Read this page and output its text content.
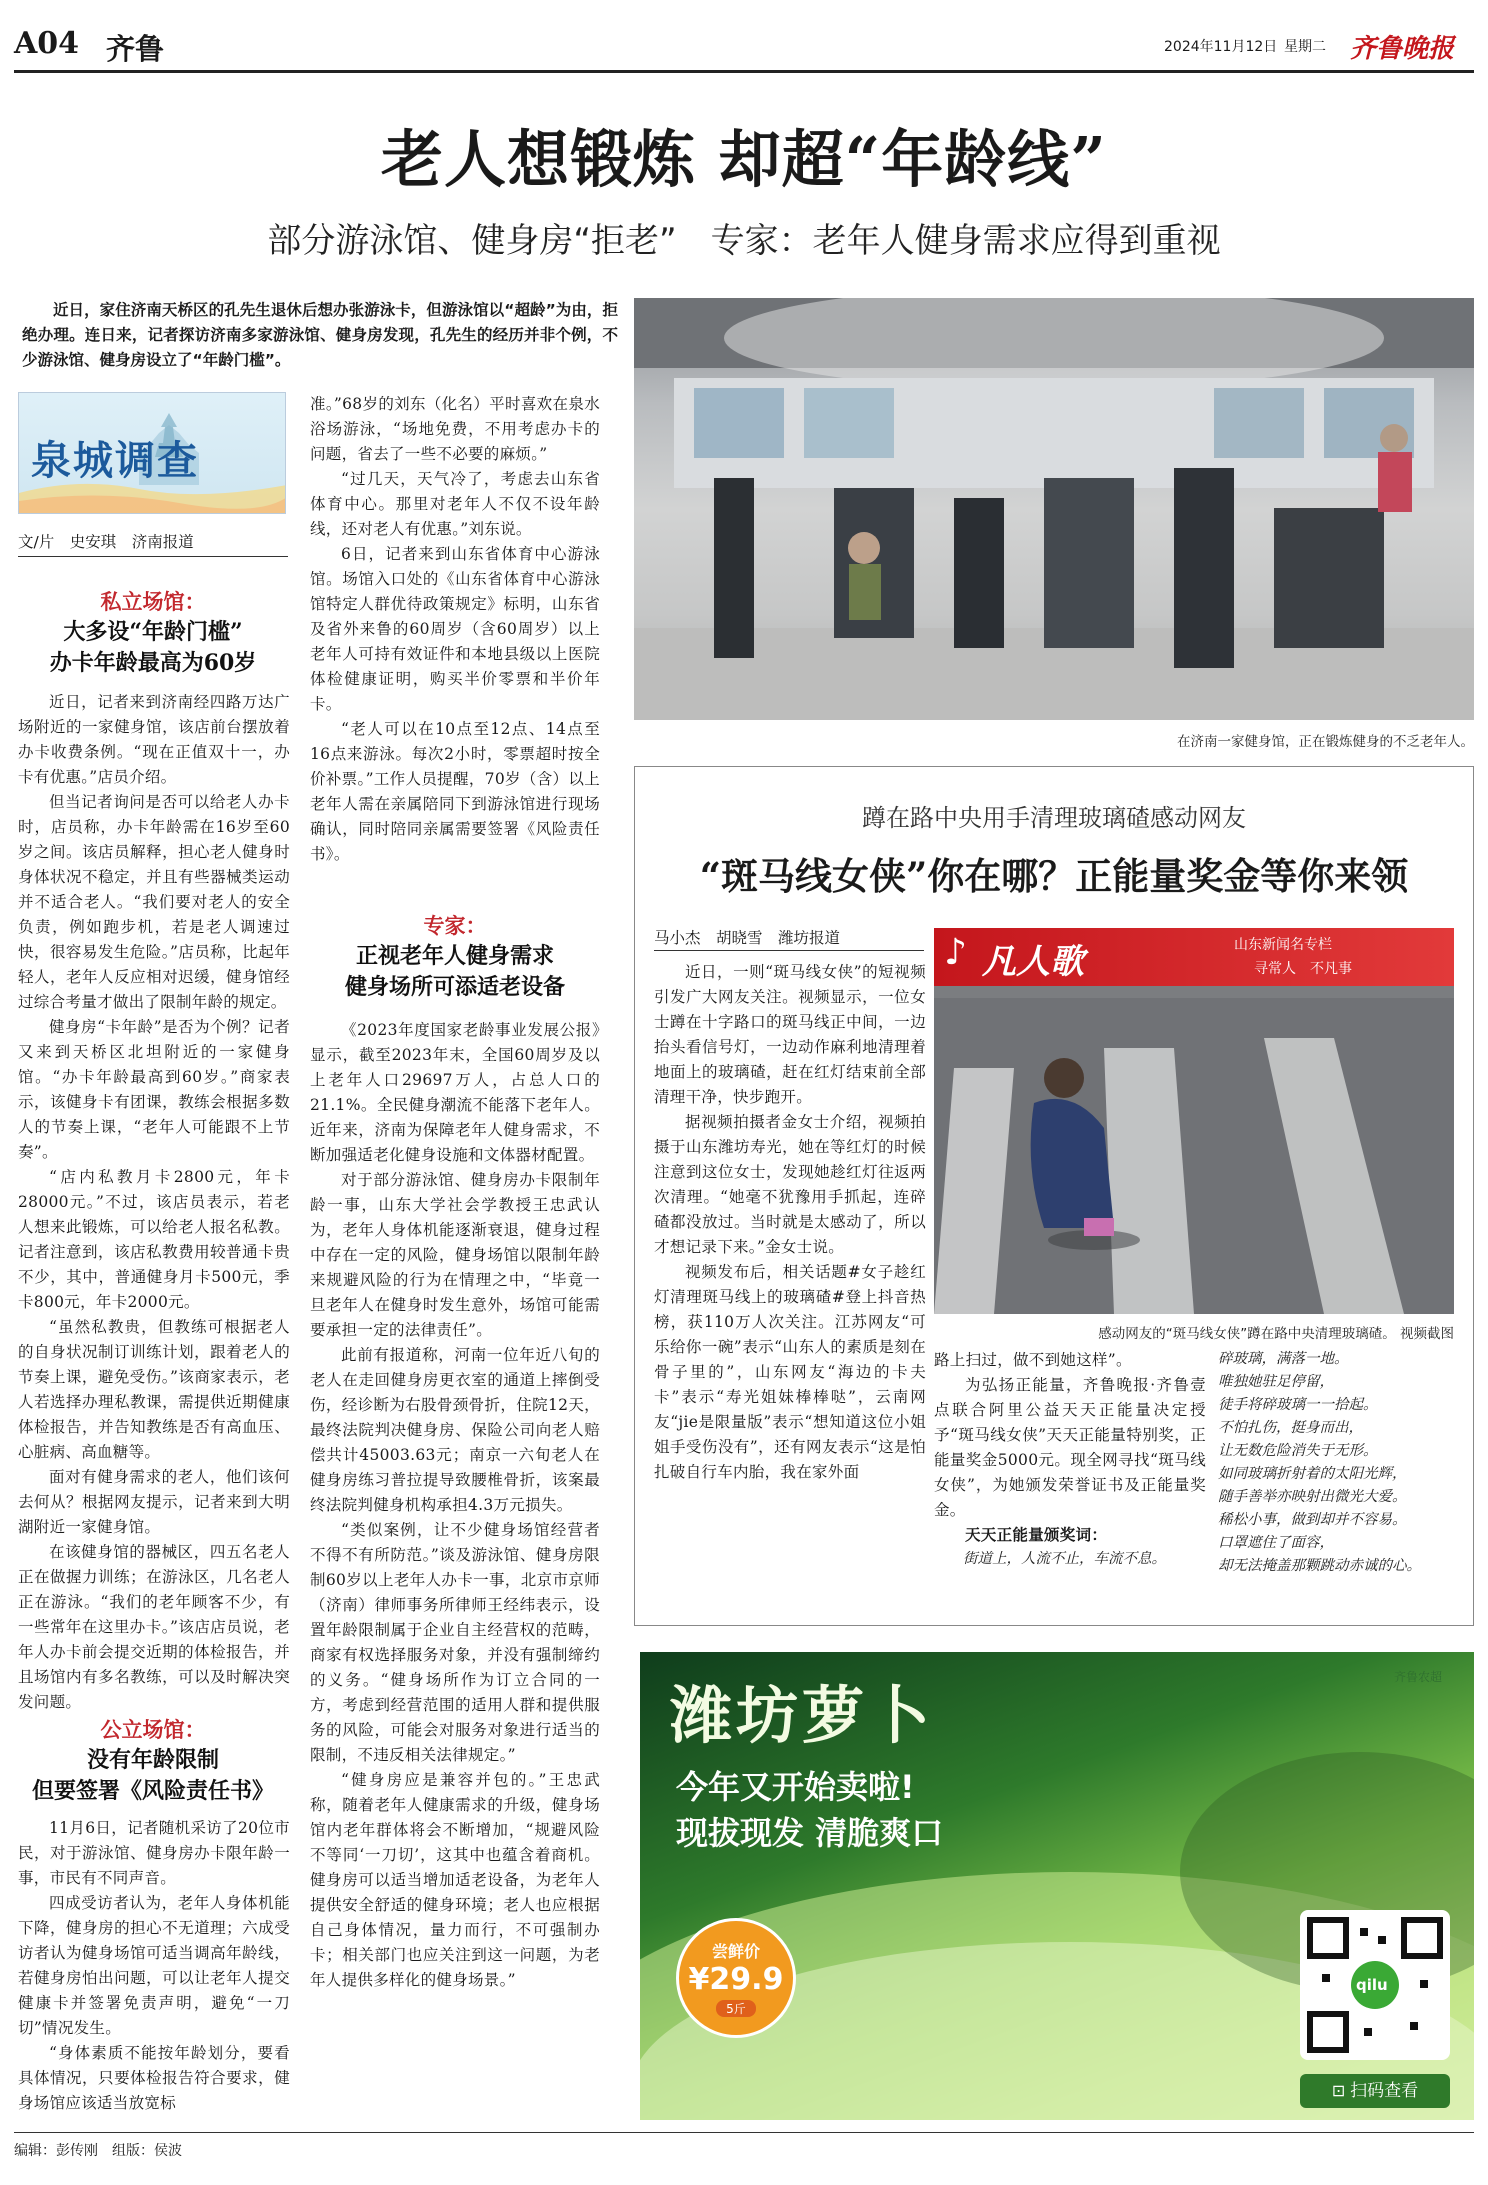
A04 齐鲁	2024年11月12日 星期二 齐鲁晚报
老人想锻炼 却超“年龄线”
部分游泳馆、健身房“拒老”　专家：老年人健身需求应得到重视
近日，家住济南天桥区的孔先生退休后想办张游泳卡，但游泳馆以“超龄”为由，拒绝办理。连日来，记者探访济南多家游泳馆、健身房发现，孔先生的经历并非个例，不少游泳馆、健身房设立了“年龄门槛”。
泉城调查
文/片　史安琪　济南报道
私立场馆：
大多设“年龄门槛”
办卡年龄最高为60岁

近日，记者来到济南经四路万达广场附近的一家健身馆，该店前台摆放着办卡收费条例。“现在正值双十一，办卡有优惠。”店员介绍。

但当记者询问是否可以给老人办卡时，店员称，办卡年龄需在16岁至60岁之间。该店员解释，担心老人健身时身体状况不稳定，并且有些器械类运动并不适合老人。“我们要对老人的安全负责，例如跑步机，若是老人调速过快，很容易发生危险。”店员称，比起年轻人，老年人反应相对迟缓，健身馆经过综合考量才做出了限制年龄的规定。

健身房“卡年龄”是否为个例？记者又来到天桥区北坦附近的一家健身馆。“办卡年龄最高到60岁。”商家表示，该健身卡有团课，教练会根据多数人的节奏上课，“老年人可能跟不上节奏”。

“店内私教月卡2800元，年卡28000元。”不过，该店员表示，若老人想来此锻炼，可以给老人报名私教。记者注意到，该店私教费用较普通卡贵不少，其中，普通健身月卡500元，季卡800元，年卡2000元。

“虽然私教贵，但教练可根据老人的自身状况制订训练计划，跟着老人的节奏上课，避免受伤。”该商家表示，老人若选择办理私教课，需提供近期健康体检报告，并告知教练是否有高血压、心脏病、高血糖等。

面对有健身需求的老人，他们该何去何从？根据网友提示，记者来到大明湖附近一家健身馆。

在该健身馆的器械区，四五名老人正在做握力训练；在游泳区，几名老人正在游泳。“我们的老年顾客不少，有一些常年在这里办卡。”该店店员说，老年人办卡前会提交近期的体检报告，并且场馆内有多名教练，可以及时解决突发问题。

公立场馆：
没有年龄限制
但要签署《风险责任书》

11月6日，记者随机采访了20位市民，对于游泳馆、健身房办卡限年龄一事，市民有不同声音。

四成受访者认为，老年人身体机能下降，健身房的担心不无道理；六成受访者认为健身场馆可适当调高年龄线，若健身房怕出问题，可以让老年人提交健康卡并签署免责声明，避免“一刀切”情况发生。

“身体素质不能按年龄划分，要看具体情况，只要体检报告符合要求，健身场馆应该适当放宽标

准。”68岁的刘东（化名）平时喜欢在泉水浴场游泳，“场地免费，不用考虑办卡的问题，省去了一些不必要的麻烦。”

“过几天，天气冷了，考虑去山东省体育中心。那里对老年人不仅不设年龄线，还对老人有优惠。”刘东说。

6日，记者来到山东省体育中心游泳馆。场馆入口处的《山东省体育中心游泳馆特定人群优待政策规定》标明，山东省及省外来鲁的60周岁（含60周岁）以上老年人可持有效证件和本地县级以上医院体检健康证明，购买半价零票和半价年卡。

“老人可以在10点至12点、14点至16点来游泳。每次2小时，零票超时按全价补票。”工作人员提醒，70岁（含）以上老年人需在亲属陪同下到游泳馆进行现场确认，同时陪同亲属需要签署《风险责任书》。

专家：
正视老年人健身需求
健身场所可添适老设备

《2023年度国家老龄事业发展公报》显示，截至2023年末，全国60周岁及以上老年人口29697万人，占总人口的21.1%。全民健身潮流不能落下老年人。近年来，济南为保障老年人健身需求，不断加强适老化健身设施和文体器材配置。

对于部分游泳馆、健身房办卡限制年龄一事，山东大学社会学教授王忠武认为，老年人身体机能逐渐衰退，健身过程中存在一定的风险，健身场馆以限制年龄来规避风险的行为在情理之中，“毕竟一旦老年人在健身时发生意外，场馆可能需要承担一定的法律责任”。

此前有报道称，河南一位年近八旬的老人在走回健身房更衣室的通道上摔倒受伤，经诊断为右股骨颈骨折，住院12天，最终法院判决健身房、保险公司向老人赔偿共计45003.63元；南京一六旬老人在健身房练习普拉提导致腰椎骨折，该案最终法院判健身机构承担4.3万元损失。

“类似案例，让不少健身场馆经营者不得不有所防范。”谈及游泳馆、健身房限制60岁以上老年人办卡一事，北京市京师（济南）律师事务所律师王经纬表示，设置年龄限制属于企业自主经营权的范畴，商家有权选择服务对象，并没有强制缔约的义务。“健身场所作为订立合同的一方，考虑到经营范围的适用人群和提供服务的风险，可能会对服务对象进行适当的限制，不违反相关法律规定。”

“健身房应是兼容并包的。”王忠武称，随着老年人健康需求的升级，健身场馆内老年群体将会不断增加，“规避风险不等同‘一刀切’，这其中也蕴含着商机。健身房可以适当增加适老设备，为老年人提供安全舒适的健身环境；老人也应根据自己身体情况，量力而行，不可强制办卡；相关部门也应关注到这一问题，为老年人提供多样化的健身场景。”

在济南一家健身馆，正在锻炼健身的不乏老年人。
蹲在路中央用手清理玻璃碴感动网友
“斑马线女侠”你在哪？正能量奖金等你来领
马小杰　胡晓雪　潍坊报道

近日，一则“斑马线女侠”的短视频引发广大网友关注。视频显示，一位女士蹲在十字路口的斑马线正中间，一边抬头看信号灯，一边动作麻利地清理着地面上的玻璃碴，赶在红灯结束前全部清理干净，快步跑开。

据视频拍摄者金女士介绍，视频拍摄于山东潍坊寿光，她在等红灯的时候注意到这位女士，发现她趁红灯往返两次清理。“她毫不犹豫用手抓起，连碎碴都没放过。当时就是太感动了，所以才想记录下来。”金女士说。

视频发布后，相关话题#女子趁红灯清理斑马线上的玻璃碴#登上抖音热榜，获110万人次关注。江苏网友“可乐给你一碗”表示“山东人的素质是刻在骨子里的”，山东网友“海边的卡夫卡”表示“寿光姐妹棒棒哒”，云南网友“jie是限量版”表示“想知道这位小姐姐手受伤没有”，还有网友表示“这是怕扎破自行车内胎，我在家外面

♪ 凡人歌	山东新闻名专栏
寻常人　不凡事
感动网友的“斑马线女侠”蹲在路中央清理玻璃碴。 视频截图

路上扫过，做不到她这样”。

为弘扬正能量，齐鲁晚报·齐鲁壹点联合阿里公益天天正能量决定授予“斑马线女侠”天天正能量特别奖，正能量奖金5000元。现全网寻找“斑马线女侠”，为她颁发荣誉证书及正能量奖金。

天天正能量颁奖词：

街道上，人流不止，车流不息。

碎玻璃，满落一地。

唯独她驻足停留，

徒手将碎玻璃一一拾起。

不怕扎伤，挺身而出，

让无数危险消失于无形。

如同玻璃折射着的太阳光辉，

随手善举亦映射出微光大爱。

稀松小事，做到却并不容易。

口罩遮住了面容，

却无法掩盖那颗跳动赤诚的心。

潍坊萝卜
今年又开始卖啦!
现拔现发 清脆爽口
齐鲁农超
尝鲜价
¥29.9
5斤
qilu
⊡ 扫码查看
编辑：彭传刚　组版：侯波
